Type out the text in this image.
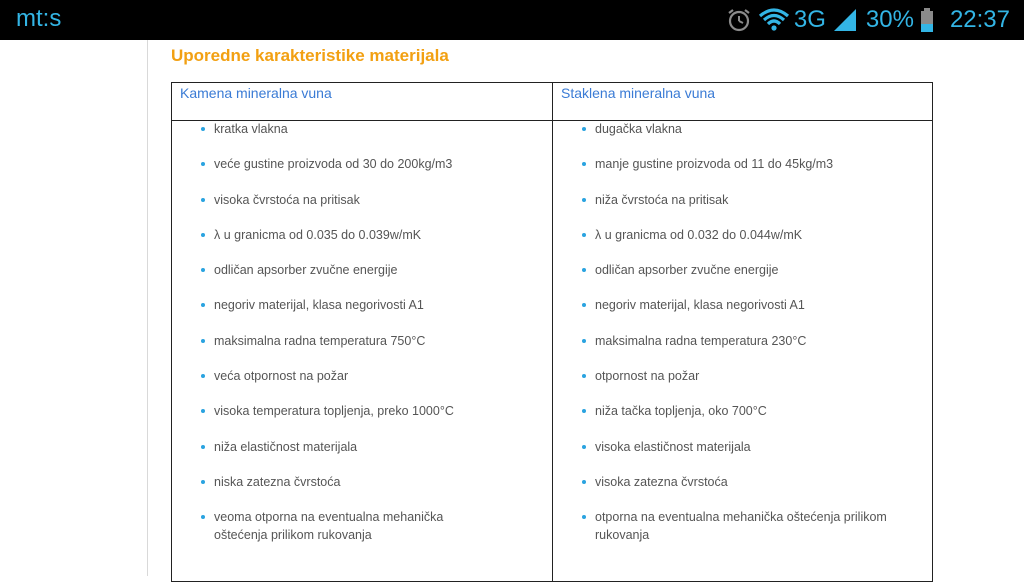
mt:s	3G 30% 22:37
Uporedne karakteristike materijala
Kamena mineralna vuna	Staklena mineralna vuna
kratka vlakna
veće gustine proizvoda od 30 do 200kg/m3
visoka čvrstoća na pritisak
λ u granicma od 0.035 do 0.039w/mK
odličan apsorber zvučne energije
negoriv materijal, klasa negorivosti A1
maksimalna radna temperatura 750°C
veća otpornost na požar
visoka temperatura topljenja, preko 1000°C
niža elastičnost materijala
niska zatezna čvrstoća
veoma otporna na eventualna mehanička oštećenja prilikom rukovanja
dugačka vlakna
manje gustine proizvoda od 11 do 45kg/m3
niža čvrstoća na pritisak
λ u granicma od 0.032 do 0.044w/mK
odličan apsorber zvučne energije
negoriv materijal, klasa negorivosti A1
maksimalna radna temperatura 230°C
otpornost na požar
niža tačka topljenja, oko 700°C
visoka elastičnost materijala
visoka zatezna čvrstoća
otporna na eventualna mehanička oštećenja prilikom rukovanja
